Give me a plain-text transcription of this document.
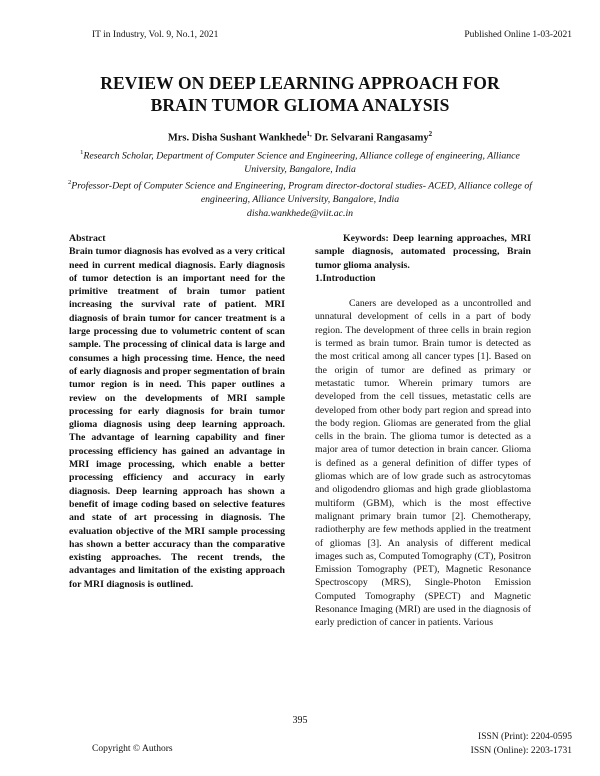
IT in Industry, Vol. 9, No.1, 2021	Published Online 1-03-2021
REVIEW ON DEEP LEARNING APPROACH FOR
BRAIN TUMOR GLIOMA ANALYSIS
Mrs. Disha Sushant Wankhede$^{1,}$ Dr. Selvarani Rangasamy$^2$
$^1$Research Scholar, Department of Computer Science and Engineering, Alliance college of engineering, Alliance University, Bangalore, India
$^2$Professor-Dept of Computer Science and Engineering, Program director-doctoral studies- ACED, Alliance college of engineering, Alliance University, Bangalore, India
disha.wankhede@viit.ac.in

Abstract

Brain tumor diagnosis has evolved as a very critical need in current medical diagnosis. Early diagnosis of tumor detection is an important need for the primitive treatment of brain tumor patient increasing the survival rate of patient. MRI diagnosis of brain tumor for cancer treatment is a large processing due to volumetric content of scan sample. The processing of clinical data is large and consumes a high processing time. Hence, the need of early diagnosis and proper segmentation of brain tumor region is in need. This paper outlines a review on the developments of MRI sample processing for early diagnosis for brain tumor glioma diagnosis using deep learning approach. The advantage of learning capability and finer processing efficiency has gained an advantage in MRI image processing, which enable a better processing efficiency and accuracy in early diagnosis. Deep learning approach has shown a benefit of image coding based on selective features and state of art processing in diagnosis. The evaluation objective of the MRI sample processing has shown a better accuracy than the comparative existing approaches. The recent trends, the advantages and limitation of the existing approach for MRI diagnosis is outlined.

Keywords: Deep learning approaches, MRI sample diagnosis, automated processing, Brain tumor glioma analysis.

1.Introduction

Caners are developed as a uncontrolled and unnatural development of cells in a part of body region. The development of three cells in brain region is termed as brain tumor. Brain tumor is detected as the most critical among all cancer types [1]. Based on the origin of tumor are defined as primary or metastatic tumor. Wherein primary tumors are developed from the cell tissues, metastatic cells are developed from other body part region and spread into the body region. Gliomas are generated from the glial cells in the brain. The glioma tumor is detected as a major area of tumor detection in brain cancer. Glioma is defined as a general definition of differ types of gliomas which are of low grade such as astrocytomas and oligodendro gliomas and high grade glioblastoma multiform (GBM), which is the most effective malignant primary brain tumor [2]. Chemotherapy, radiotherphy are few methods applied in the treatment of gliomas [3]. An analysis of different medical images such as, Computed Tomography (CT), Positron Emission Tomography (PET), Magnetic Resonance Spectroscopy (MRS), Single-Photon Emission Computed Tomography (SPECT) and Magnetic Resonance Imaging (MRI) are used in the diagnosis of early prediction of cancer in patients. Various

395
Copyright © Authors
ISSN (Print): 2204-0595
ISSN (Online): 2203-1731
